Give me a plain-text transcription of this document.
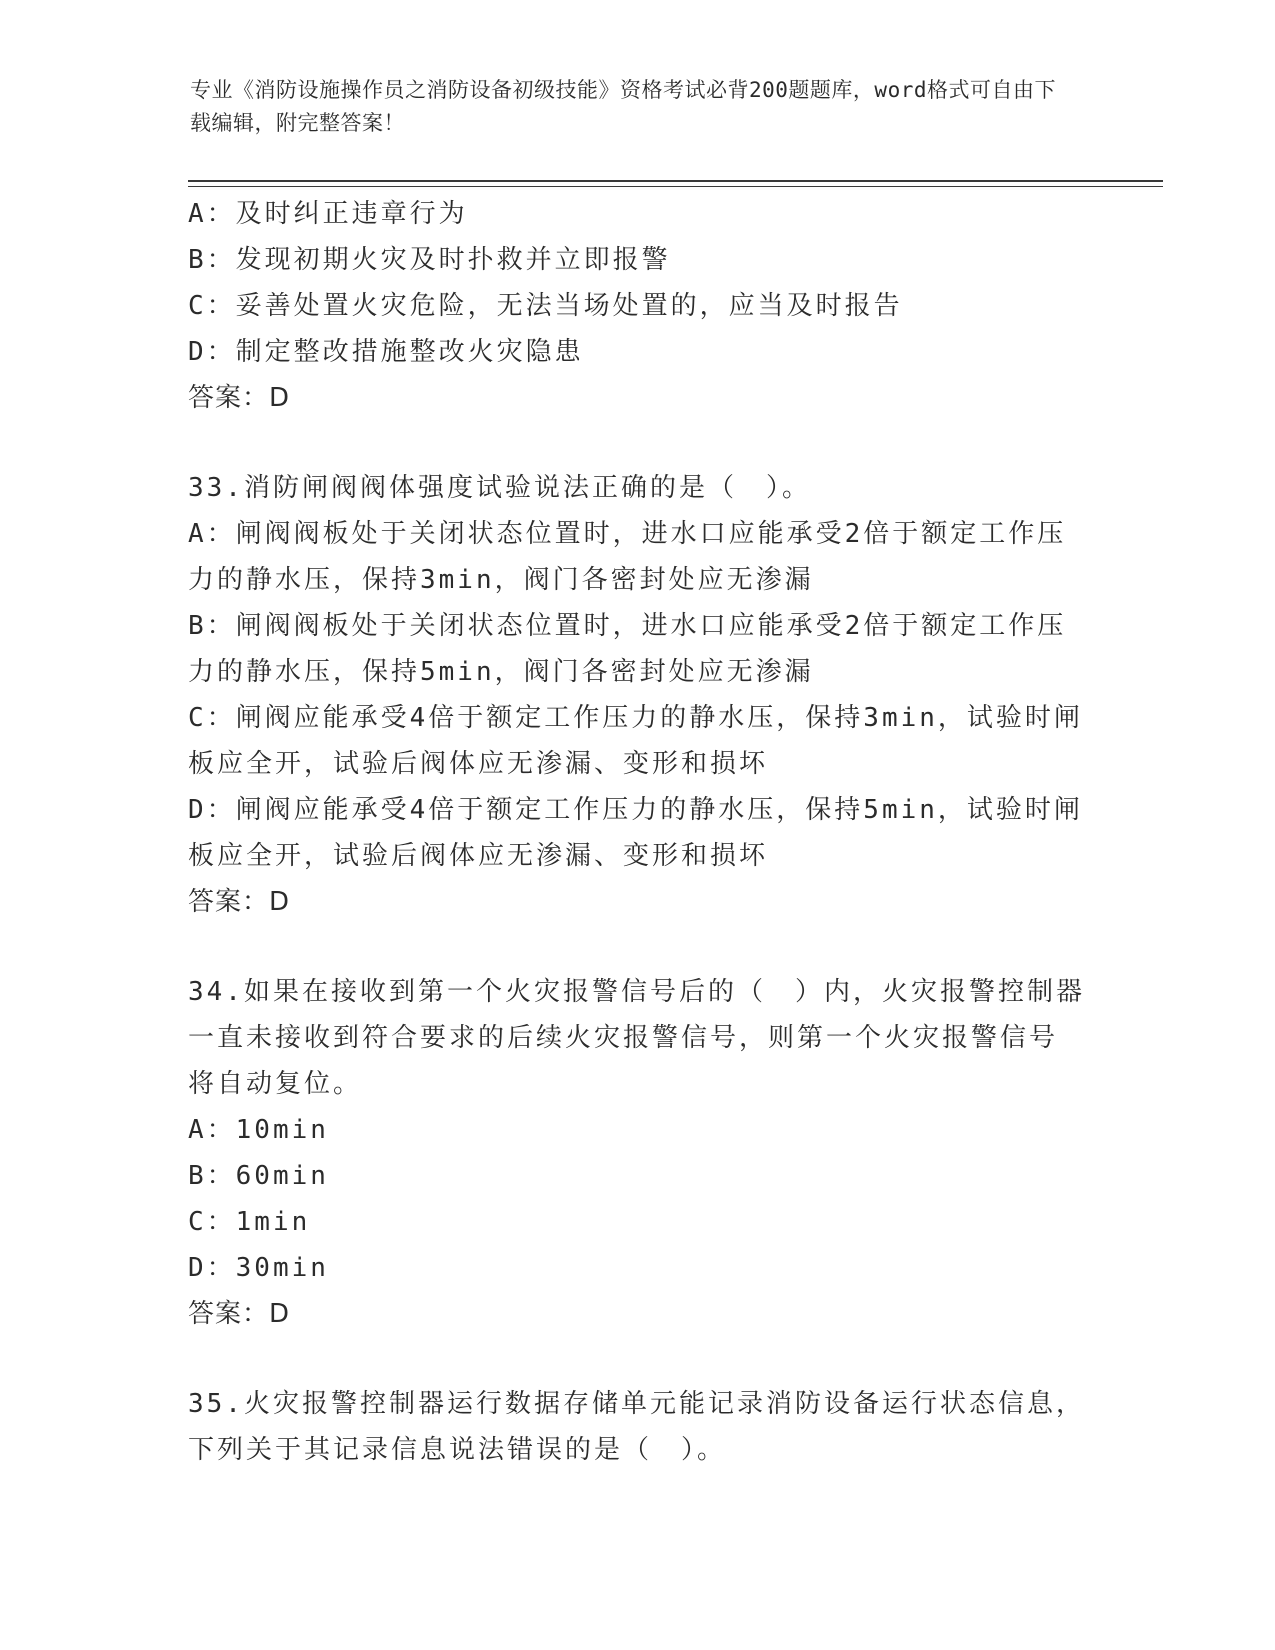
专业《消防设施操作员之消防设备初级技能》资格考试必背200题题库，word格式可自由下载编辑，附完整答案！
A：及时纠正违章行为
B：发现初期火灾及时扑救并立即报警
C：妥善处置火灾危险，无法当场处置的，应当及时报告
D：制定整改措施整改火灾隐患
答案：D
33.消防闸阀阀体强度试验说法正确的是（　）。
A：闸阀阀板处于关闭状态位置时，进水口应能承受2倍于额定工作压
力的静水压，保持3min，阀门各密封处应无渗漏
B：闸阀阀板处于关闭状态位置时，进水口应能承受2倍于额定工作压
力的静水压，保持5min，阀门各密封处应无渗漏
C：闸阀应能承受4倍于额定工作压力的静水压，保持3min，试验时闸
板应全开，试验后阀体应无渗漏、变形和损坏
D：闸阀应能承受4倍于额定工作压力的静水压，保持5min，试验时闸
板应全开，试验后阀体应无渗漏、变形和损坏
答案：D
34.如果在接收到第一个火灾报警信号后的（　）内，火灾报警控制器
一直未接收到符合要求的后续火灾报警信号，则第一个火灾报警信号
将自动复位。
A：10min
B：60min
C：1min
D：30min
答案：D
35.火灾报警控制器运行数据存储单元能记录消防设备运行状态信息，
下列关于其记录信息说法错误的是（　）。
